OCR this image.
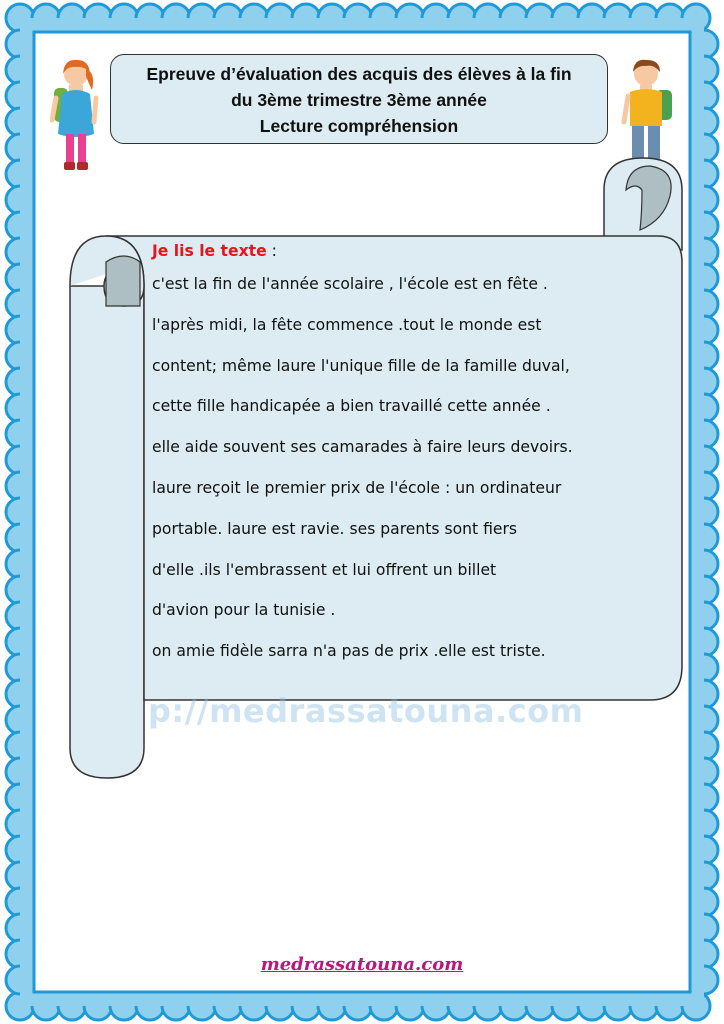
Epreuve d’évaluation des acquis des élèves à la fin
du 3ème trimestre 3ème année
Lecture compréhension
p://medrassatouna.com
Je lis le texte :
c'est la fin de l'année scolaire , l'école est en fête .
l'après midi, la fête commence .tout le monde est
content; même laure l'unique fille de la famille duval,
cette fille handicapée a bien travaillé cette année .
elle aide souvent ses camarades à faire leurs devoirs.
laure reçoit le premier prix de l'école : un ordinateur
portable. laure est ravie. ses parents sont fiers
d'elle .ils l'embrassent et lui offrent un billet
d'avion pour la tunisie .
on amie fidèle sarra n'a pas de prix .elle est triste.
medrassatouna.com
